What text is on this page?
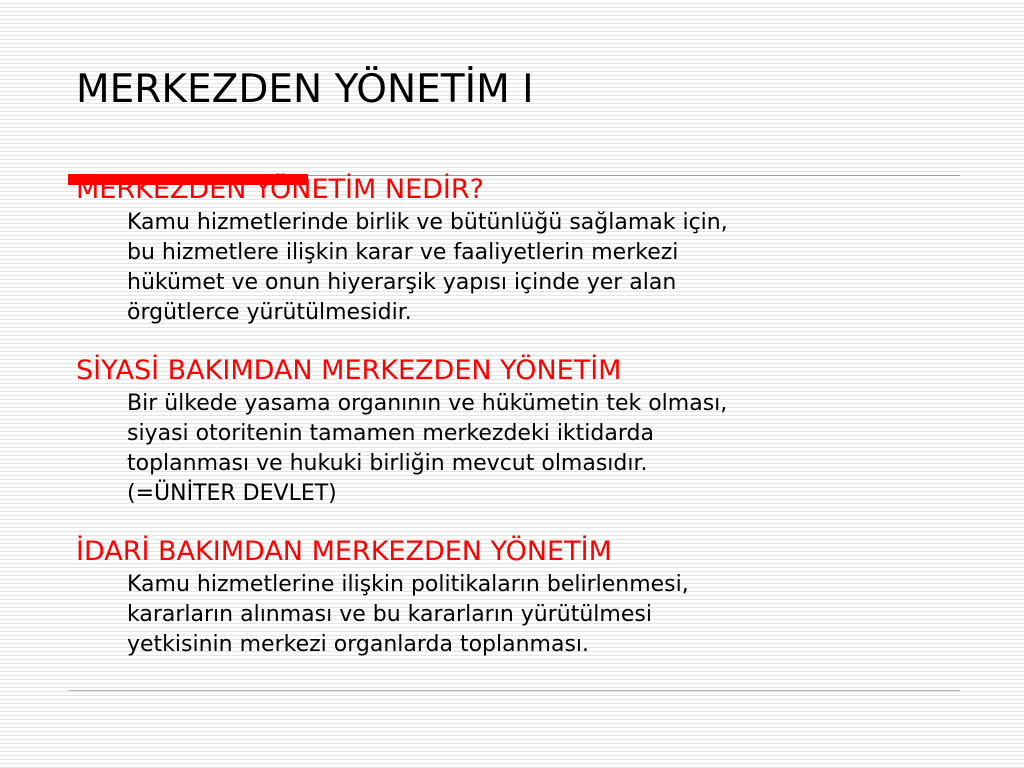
MERKEZDEN YÖNETİM I
MERKEZDEN YÖNETİM NEDİR?
Kamu hizmetlerinde birlik ve bütünlüğü sağlamak için,
bu hizmetlere ilişkin karar ve faaliyetlerin merkezi
hükümet ve onun hiyerarşik yapısı içinde yer alan
örgütlerce yürütülmesidir.
SİYASİ BAKIMDAN MERKEZDEN YÖNETİM
Bir ülkede yasama organının ve hükümetin tek olması,
siyasi otoritenin tamamen merkezdeki iktidarda
toplanması ve hukuki birliğin mevcut olmasıdır.
(=ÜNİTER DEVLET)
İDARİ BAKIMDAN MERKEZDEN YÖNETİM
Kamu hizmetlerine ilişkin politikaların belirlenmesi,
kararların alınması ve bu kararların yürütülmesi
yetkisinin merkezi organlarda toplanması.
